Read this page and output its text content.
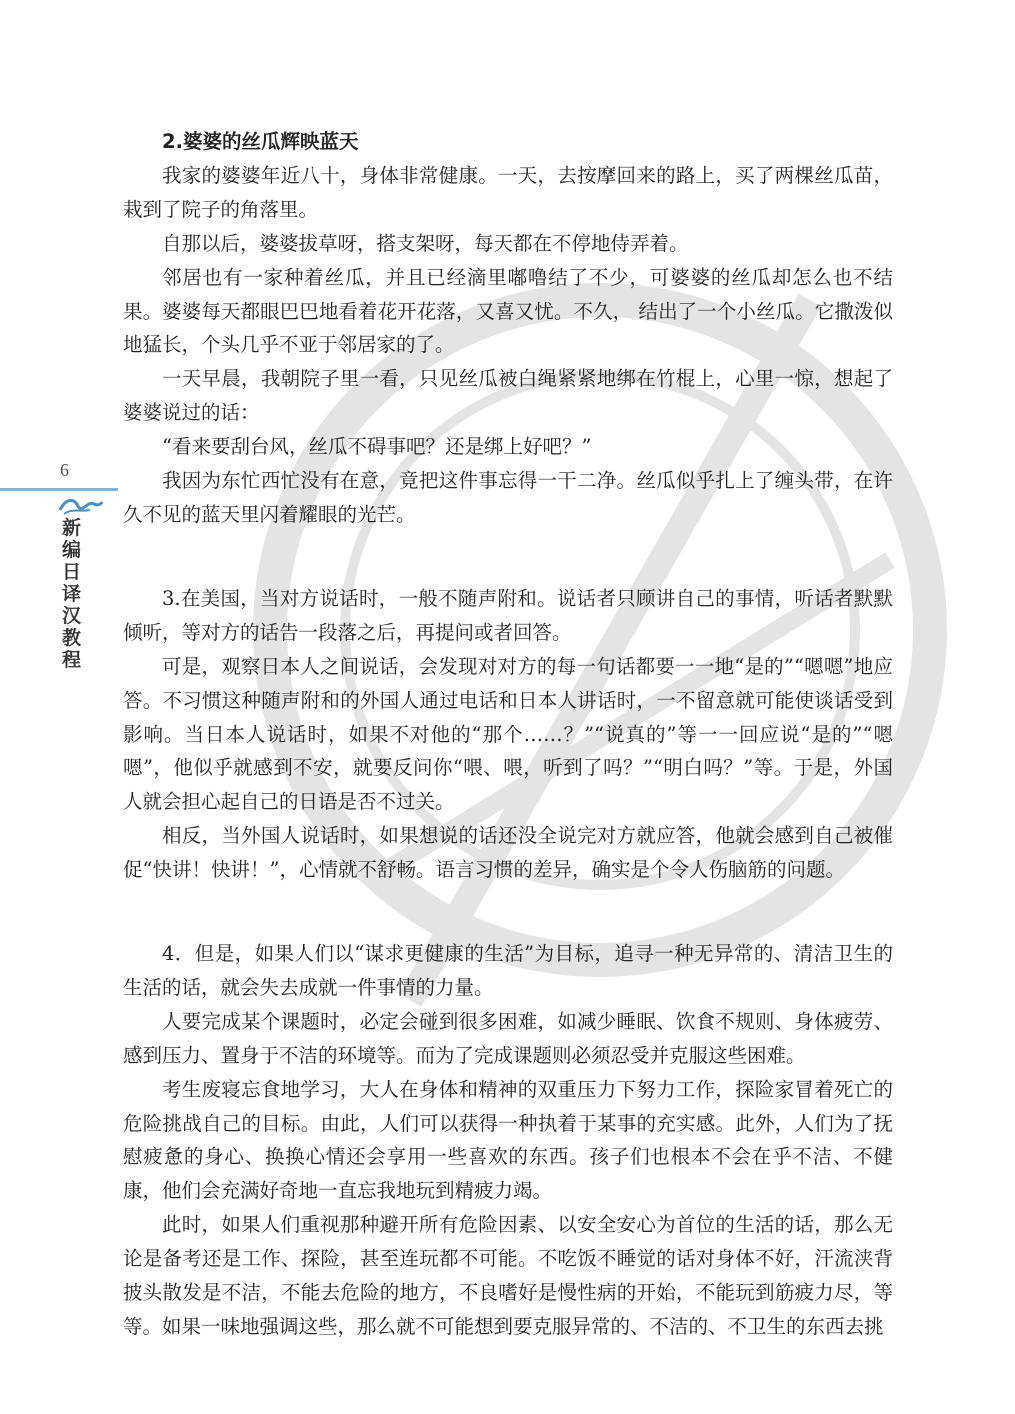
6
新编日译汉教程
2.婆婆的丝瓜辉映蓝天

我家的婆婆年近八十，身体非常健康。一天，去按摩回来的路上，买了两棵丝瓜苗，栽到了院子的角落里。

自那以后，婆婆拔草呀，搭支架呀，每天都在不停地侍弄着。

邻居也有一家种着丝瓜，并且已经滴里嘟噜结了不少，可婆婆的丝瓜却怎么也不结果。婆婆每天都眼巴巴地看着花开花落，又喜又忧。不久， 结出了一个小丝瓜。它撒泼似地猛长，个头几乎不亚于邻居家的了。

一天早晨，我朝院子里一看，只见丝瓜被白绳紧紧地绑在竹棍上，心里一惊，想起了婆婆说过的话：

“看来要刮台风，丝瓜不碍事吧？还是绑上好吧？”

我因为东忙西忙没有在意，竟把这件事忘得一干二净。丝瓜似乎扎上了缠头带，在许久不见的蓝天里闪着耀眼的光芒。

3.在美国，当对方说话时，一般不随声附和。说话者只顾讲自己的事情，听话者默默倾听，等对方的话告一段落之后，再提问或者回答。

可是，观察日本人之间说话，会发现对对方的每一句话都要一一地“是的”“嗯嗯”地应答。不习惯这种随声附和的外国人通过电话和日本人讲话时，一不留意就可能使谈话受到影响。当日本人说话时，如果不对他的“那个……？”“说真的”等一一回应说“是的”“嗯嗯”，他似乎就感到不安，就要反问你“喂、喂，听到了吗？”“明白吗？”等。于是，外国人就会担心起自己的日语是否不过关。

相反，当外国人说话时，如果想说的话还没全说完对方就应答，他就会感到自己被催促“快讲！快讲！”，心情就不舒畅。语言习惯的差异，确实是个令人伤脑筋的问题。

4．但是，如果人们以“谋求更健康的生活”为目标，追寻一种无异常的、清洁卫生的生活的话，就会失去成就一件事情的力量。

人要完成某个课题时，必定会碰到很多困难，如减少睡眠、饮食不规则、身体疲劳、感到压力、置身于不洁的环境等。而为了完成课题则必须忍受并克服这些困难。

考生废寝忘食地学习，大人在身体和精神的双重压力下努力工作，探险家冒着死亡的危险挑战自己的目标。由此，人们可以获得一种执着于某事的充实感。此外，人们为了抚慰疲惫的身心、换换心情还会享用一些喜欢的东西。孩子们也根本不会在乎不洁、不健康，他们会充满好奇地一直忘我地玩到精疲力竭。

此时，如果人们重视那种避开所有危险因素、以安全安心为首位的生活的话，那么无论是备考还是工作、探险，甚至连玩都不可能。不吃饭不睡觉的话对身体不好，汗流浃背披头散发是不洁，不能去危险的地方，不良嗜好是慢性病的开始，不能玩到筋疲力尽，等等。如果一味地强调这些，那么就不可能想到要克服异常的、不洁的、不卫生的东西去挑
